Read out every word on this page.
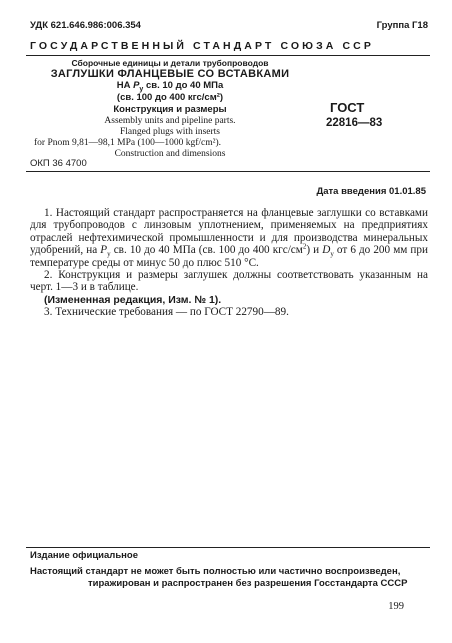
УДК 621.646.986:006.354	Группа Г18
ГОСУДАРСТВЕННЫЙ СТАНДАРТ СОЮЗА ССР
Сборочные единицы и детали трубопроводов
ЗАГЛУШКИ ФЛАНЦЕВЫЕ СО ВСТАВКАМИ
НА $P_y$ св. 10 до 40 МПа
(св. 100 до 400 кгс/см²)
Конструкция и размеры
Assembly units and pipeline parts.
Flanged plugs with inserts
for Pnom 9,81—98,1 MPa (100—1000 kgf/cm²).
Construction and dimensions
ГОСТ
22816—83
ОКП 36 4700
Дата введения 01.01.85

1. Настоящий стандарт распространяется на фланцевые заглушки со вставками для трубопроводов с линзовым уплотнением, применяемых на предприятиях отраслей нефтехимической промышленности и для производства минеральных удобрений, на $P_y$ св. 10 до 40 МПа (св. 100 до 400 кгс/$см^2$) и $D_y$ от 6 до 200 мм при температуре среды от минус 50 до плюс 510 °С.

2. Конструкция и размеры заглушек должны соответствовать указанным на черт. 1—3 и в таблице.

(Измененная редакция, Изм. № 1).

3. Технические требования — по ГОСТ 22790—89.

Издание официальное
Настоящий стандарт не может быть полностью или частично воспроизведен,
тиражирован и распространен без разрешения Госстандарта СССР
199
